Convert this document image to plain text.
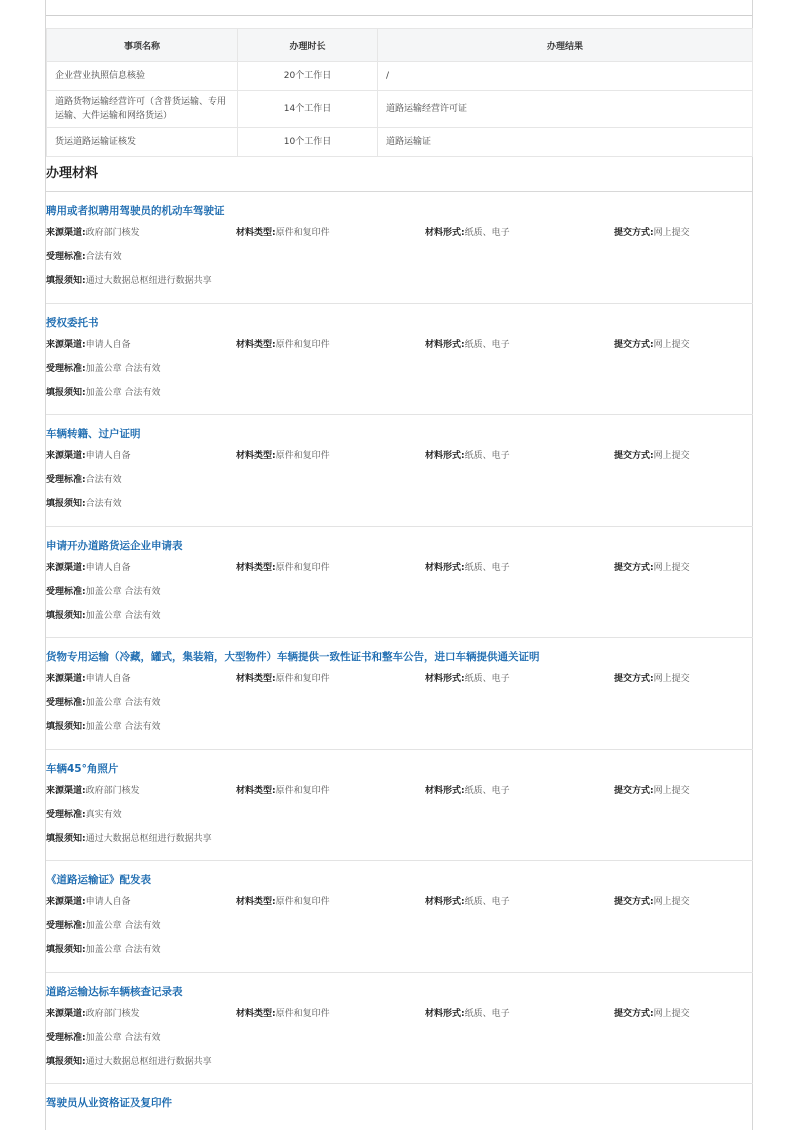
事项名称	办理时长	办理结果
企业营业执照信息核验	20个工作日	/
道路货物运输经营许可（含普货运输、专用运输、大件运输和网络货运）	14个工作日	道路运输经营许可证
货运道路运输证核发	10个工作日	道路运输证
办理材料
聘用或者拟聘用驾驶员的机动车驾驶证
来源渠道:政府部门核发	材料类型:原件和复印件	材料形式:纸质、电子	提交方式:网上提交
受理标准:合法有效
填报须知:通过大数据总枢纽进行数据共享
授权委托书
来源渠道:申请人自备	材料类型:原件和复印件	材料形式:纸质、电子	提交方式:网上提交
受理标准:加盖公章 合法有效
填报须知:加盖公章 合法有效
车辆转籍、过户证明
来源渠道:申请人自备	材料类型:原件和复印件	材料形式:纸质、电子	提交方式:网上提交
受理标准:合法有效
填报须知:合法有效
申请开办道路货运企业申请表
来源渠道:申请人自备	材料类型:原件和复印件	材料形式:纸质、电子	提交方式:网上提交
受理标准:加盖公章 合法有效
填报须知:加盖公章 合法有效
货物专用运输（冷藏，罐式，集装箱，大型物件）车辆提供一致性证书和整车公告，进口车辆提供通关证明
来源渠道:申请人自备	材料类型:原件和复印件	材料形式:纸质、电子	提交方式:网上提交
受理标准:加盖公章 合法有效
填报须知:加盖公章 合法有效
车辆45°角照片
来源渠道:政府部门核发	材料类型:原件和复印件	材料形式:纸质、电子	提交方式:网上提交
受理标准:真实有效
填报须知:通过大数据总枢纽进行数据共享
《道路运输证》配发表
来源渠道:申请人自备	材料类型:原件和复印件	材料形式:纸质、电子	提交方式:网上提交
受理标准:加盖公章 合法有效
填报须知:加盖公章 合法有效
道路运输达标车辆核查记录表
来源渠道:政府部门核发	材料类型:原件和复印件	材料形式:纸质、电子	提交方式:网上提交
受理标准:加盖公章 合法有效
填报须知:通过大数据总枢纽进行数据共享
驾驶员从业资格证及复印件
